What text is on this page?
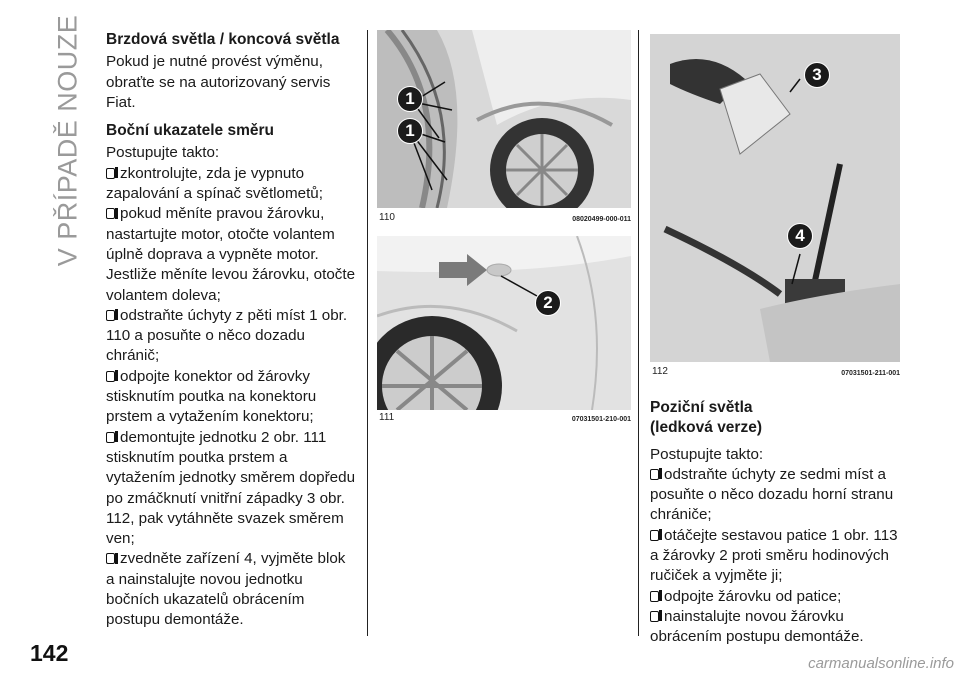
V PŘÍPADĚ NOUZE
142
Brzdová světla / koncová světla
Pokud je nutné provést výměnu, obraťte se na autorizovaný servis Fiat.
Boční ukazatele směru
Postupujte takto:
zkontrolujte, zda je vypnuto zapalování a spínač světlometů;
pokud měníte pravou žárovku, nastartujte motor, otočte volantem úplně doprava a vypněte motor. Jestliže měníte levou žárovku, otočte volantem doleva;
odstraňte úchyty z pěti míst 1 obr. 110 a posuňte o něco dozadu chránič;
odpojte konektor od žárovky stisknutím poutka na konektoru prstem a vytažením konektoru;
demontujte jednotku 2 obr. 111 stisknutím poutka prstem a vytažením jednotky směrem dopředu po zmáčknutí vnitřní západky 3 obr. 112, pak vytáhněte svazek směrem ven;
zvedněte zařízení 4, vyjměte blok a nainstalujte novou jednotku bočních ukazatelů obrácením postupu demontáže.
1
1
110	08020499-000-011
2
111	07031501-210-001
3
4
112	07031501-211-001
Poziční světla (ledková verze)
Postupujte takto:
odstraňte úchyty ze sedmi míst a posuňte o něco dozadu horní stranu chrániče;
otáčejte sestavou patice 1 obr. 113 a žárovky 2 proti směru hodinových ručiček a vyjměte ji;
odpojte žárovku od patice;
nainstalujte novou žárovku obrácením postupu demontáže.
carmanualsonline.info
